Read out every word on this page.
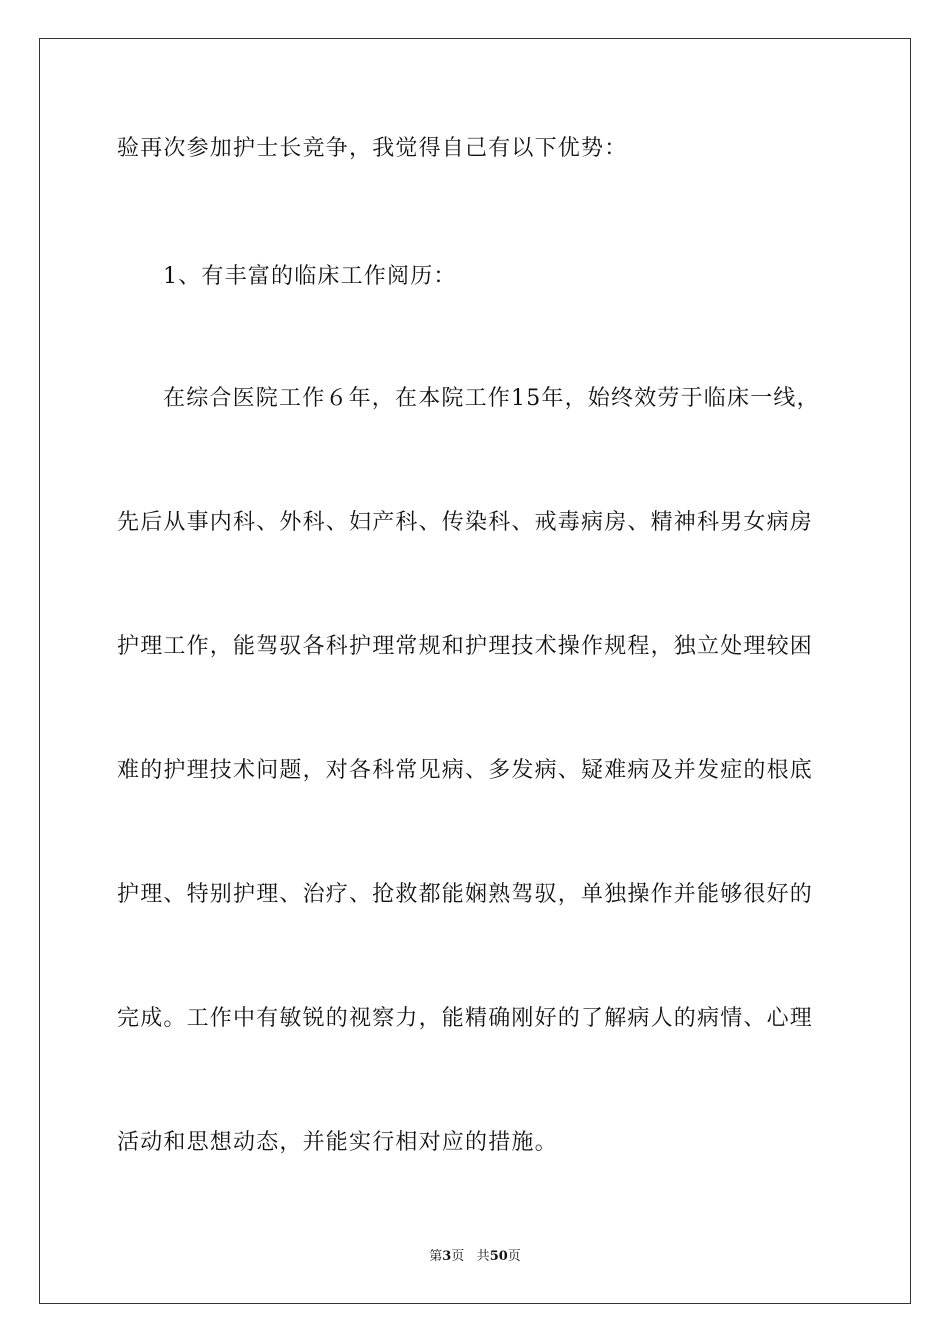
验再次参加护士长竞争，我觉得自己有以下优势：
1、有丰富的临床工作阅历：
在综合医院工作６年，在本院工作15年，始终效劳于临床一线，
先后从事内科、外科、妇产科、传染科、戒毒病房、精神科男女病房
护理工作，能驾驭各科护理常规和护理技术操作规程，独立处理较困
难的护理技术问题，对各科常见病、多发病、疑难病及并发症的根底
护理、特别护理、治疗、抢救都能娴熟驾驭，单独操作并能够很好的
完成。工作中有敏锐的视察力，能精确刚好的了解病人的病情、心理
活动和思想动态，并能实行相对应的措施。
第3页 共50页
